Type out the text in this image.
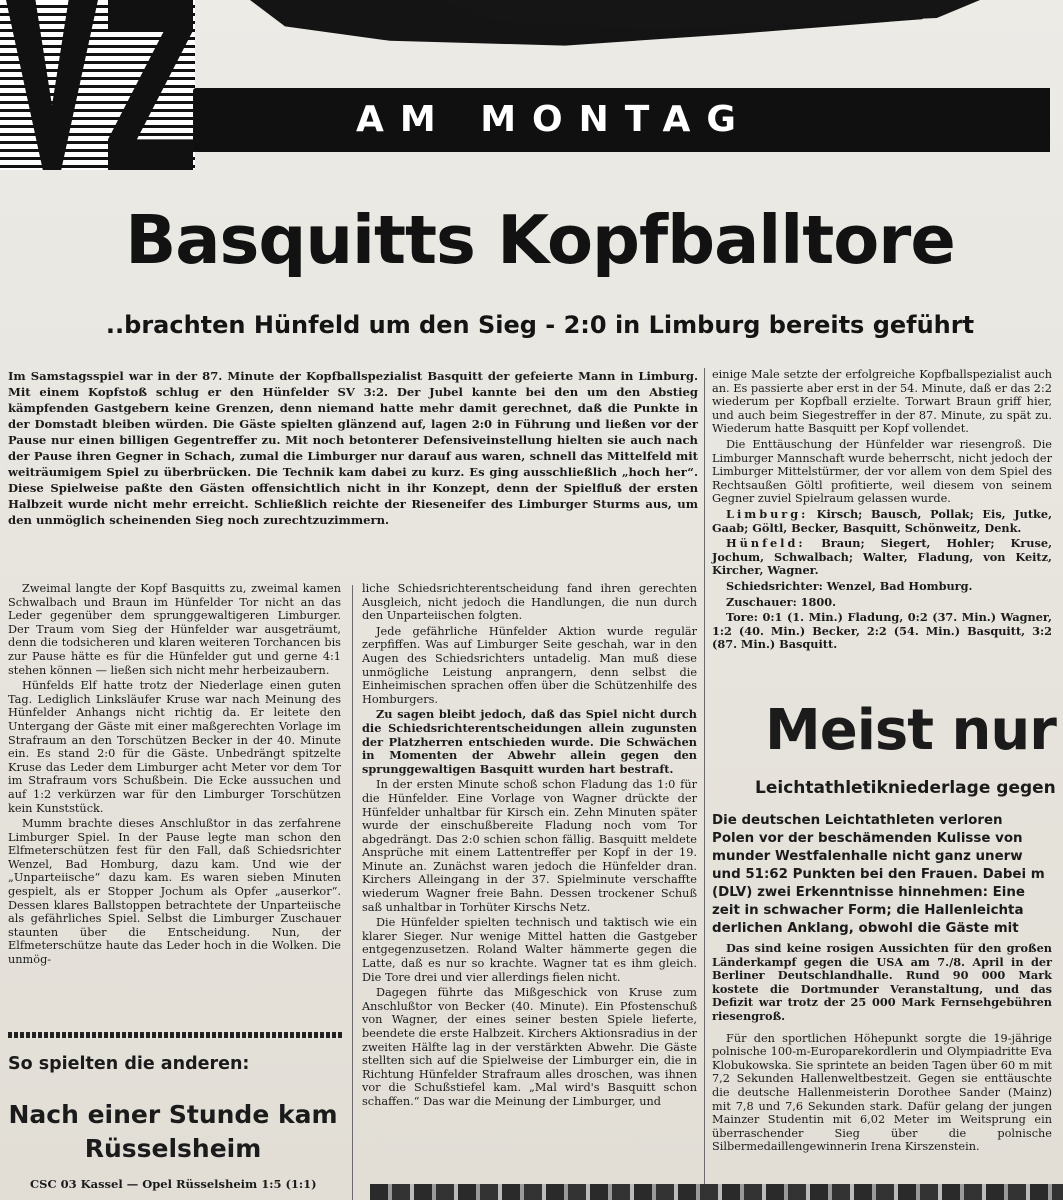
AM MONTAG
Basquitts Kopfballtore
..brachten Hünfeld um den Sieg - 2:0 in Limburg bereits geführt
Im Samstagsspiel war in der 87. Minute der Kopfballspezialist Basquitt der gefeierte Mann in Limburg. Mit einem Kopfstoß schlug er den Hünfelder SV 3:2. Der Jubel kannte bei den um den Abstieg kämpfenden Gastgebern keine Grenzen, denn niemand hatte mehr damit gerechnet, daß die Punkte in der Domstadt bleiben würden. Die Gäste spielten glänzend auf, lagen 2:0 in Führung und ließen vor der Pause nur einen billigen Gegentreffer zu. Mit noch betonterer Defensiveinstellung hielten sie auch nach der Pause ihren Gegner in Schach, zumal die Limburger nur darauf aus waren, schnell das Mittelfeld mit weiträumigem Spiel zu überbrücken. Die Technik kam dabei zu kurz. Es ging ausschließlich „hoch her“. Diese Spielweise paßte den Gästen offensichtlich nicht in ihr Konzept, denn der Spielfluß der ersten Halbzeit wurde nicht mehr erreicht. Schließlich reichte der Rieseneifer des Limburger Sturms aus, um den unmöglich scheinenden Sieg noch zurechtzuzimmern.

Zweimal langte der Kopf Basquitts zu, zweimal kamen Schwalbach und Braun im Hünfelder Tor nicht an das Leder gegenüber dem sprunggewaltigeren Limburger. Der Traum vom Sieg der Hünfelder war ausgeträumt, denn die todsicheren und klaren weiteren Torchancen bis zur Pause hätte es für die Hünfelder gut und gerne 4:1 stehen können — ließen sich nicht mehr herbeizaubern.

Hünfelds Elf hatte trotz der Niederlage einen guten Tag. Lediglich Linksläufer Kruse war nach Meinung des Hünfelder Anhangs nicht richtig da. Er leitete den Untergang der Gäste mit einer maßgerechten Vorlage im Strafraum an den Torschützen Becker in der 40. Minute ein. Es stand 2:0 für die Gäste. Unbedrängt spitzelte Kruse das Leder dem Limburger acht Meter vor dem Tor im Strafraum vors Schußbein. Die Ecke aussuchen und auf 1:2 verkürzen war für den Limburger Torschützen kein Kunststück.

Mumm brachte dieses Anschlußtor in das zerfahrene Limburger Spiel. In der Pause legte man schon den Elfmeterschützen fest für den Fall, daß Schiedsrichter Wenzel, Bad Homburg, dazu kam. Und wie der „Unparteiische“ dazu kam. Es waren sieben Minuten gespielt, als er Stopper Jochum als Opfer „auserkor“. Dessen klares Ballstoppen betrachtete der Unparteiische als gefährliches Spiel. Selbst die Limburger Zuschauer staunten über die Entscheidung. Nun, der Elfmeterschütze haute das Leder hoch in die Wolken. Die unmög-

So spielten die anderen:
Nach einer Stunde kam Rüsselsheim
CSC 03 Kassel — Opel Rüsselsheim 1:5 (1:1)

liche Schiedsrichterentscheidung fand ihren gerechten Ausgleich, nicht jedoch die Handlungen, die nun durch den Unparteiischen folgten.

Jede gefährliche Hünfelder Aktion wurde regulär zerpfiffen. Was auf Limburger Seite geschah, war in den Augen des Schiedsrichters untadelig. Man muß diese unmögliche Leistung anprangern, denn selbst die Einheimischen sprachen offen über die Schützenhilfe des Homburgers.

Zu sagen bleibt jedoch, daß das Spiel nicht durch die Schiedsrichterentscheidungen allein zugunsten der Platzherren entschieden wurde. Die Schwächen in Momenten der Abwehr allein gegen den sprunggewaltigen Basquitt wurden hart bestraft.

In der ersten Minute schoß schon Fladung das 1:0 für die Hünfelder. Eine Vorlage von Wagner drückte der Hünfelder unhaltbar für Kirsch ein. Zehn Minuten später wurde der einschußbereite Fladung noch vom Tor abgedrängt. Das 2:0 schien schon fällig. Basquitt meldete Ansprüche mit einem Lattentreffer per Kopf in der 19. Minute an. Zunächst waren jedoch die Hünfelder dran. Kirchers Alleingang in der 37. Spielminute verschaffte wiederum Wagner freie Bahn. Dessen trockener Schuß saß unhaltbar in Torhüter Kirschs Netz.

Die Hünfelder spielten technisch und taktisch wie ein klarer Sieger. Nur wenige Mittel hatten die Gastgeber entgegenzusetzen. Roland Walter hämmerte gegen die Latte, daß es nur so krachte. Wagner tat es ihm gleich. Die Tore drei und vier allerdings fielen nicht.

Dagegen führte das Mißgeschick von Kruse zum Anschlußtor von Becker (40. Minute). Ein Pfostenschuß von Wagner, der eines seiner besten Spiele lieferte, beendete die erste Halbzeit. Kirchers Aktionsradius in der zweiten Hälfte lag in der verstärkten Abwehr. Die Gäste stellten sich auf die Spielweise der Limburger ein, die in Richtung Hünfelder Strafraum alles droschen, was ihnen vor die Schußstiefel kam. „Mal wird's Basquitt schon schaffen.“ Das war die Meinung der Limburger, und

einige Male setzte der erfolgreiche Kopfballspezialist auch an. Es passierte aber erst in der 54. Minute, daß er das 2:2 wiederum per Kopfball erzielte. Torwart Braun griff hier, und auch beim Siegestreffer in der 87. Minute, zu spät zu. Wiederum hatte Basquitt per Kopf vollendet.

Die Enttäuschung der Hünfelder war riesengroß. Die Limburger Mannschaft wurde beherrscht, nicht jedoch der Limburger Mittelstürmer, der vor allem von dem Spiel des Rechtsaußen Göltl profitierte, weil diesem von seinem Gegner zuviel Spielraum gelassen wurde.

Limburg: Kirsch; Bausch, Pollak; Eis, Jutke, Gaab; Göltl, Becker, Basquitt, Schönweitz, Denk.

Hünfeld: Braun; Siegert, Hohler; Kruse, Jochum, Schwalbach; Walter, Fladung, von Keitz, Kircher, Wagner.

Schiedsrichter: Wenzel, Bad Homburg.

Zuschauer: 1800.

Tore: 0:1 (1. Min.) Fladung, 0:2 (37. Min.) Wagner, 1:2 (40. Min.) Becker, 2:2 (54. Min.) Basquitt, 3:2 (87. Min.) Basquitt.

Meist nur
Leichtathletikniederlage gegen
Die deutschen Leichtathleten verloren
Polen vor der beschämenden Kulisse von
munder Westfalenhalle nicht ganz unerw
und 51:62 Punkten bei den Frauen. Dabei m
(DLV) zwei Erkenntnisse hinnehmen: Eine
zeit in schwacher Form; die Hallenleichta
derlichen Anklang, obwohl die Gäste mit

Das sind keine rosigen Aussichten für den großen Länderkampf gegen die USA am 7./8. April in der Berliner Deutschlandhalle. Rund 90 000 Mark kostete die Dortmunder Veranstaltung, und das Defizit war trotz der 25 000 Mark Fernsehgebühren riesengroß.

Für den sportlichen Höhepunkt sorgte die 19-jährige polnische 100-m-Europarekordlerin und Olympiadritte Eva Klobukowska. Sie sprintete an beiden Tagen über 60 m mit 7,2 Sekunden Hallenweltbestzeit. Gegen sie enttäuschte die deutsche Hallenmeisterin Dorothee Sander (Mainz) mit 7,8 und 7,6 Sekunden stark. Dafür gelang der jungen Mainzer Studentin mit 6,02 Meter im Weitsprung ein überraschender Sieg über die polnische Silbermedaillengewinnerin Irena Kirszenstein.
